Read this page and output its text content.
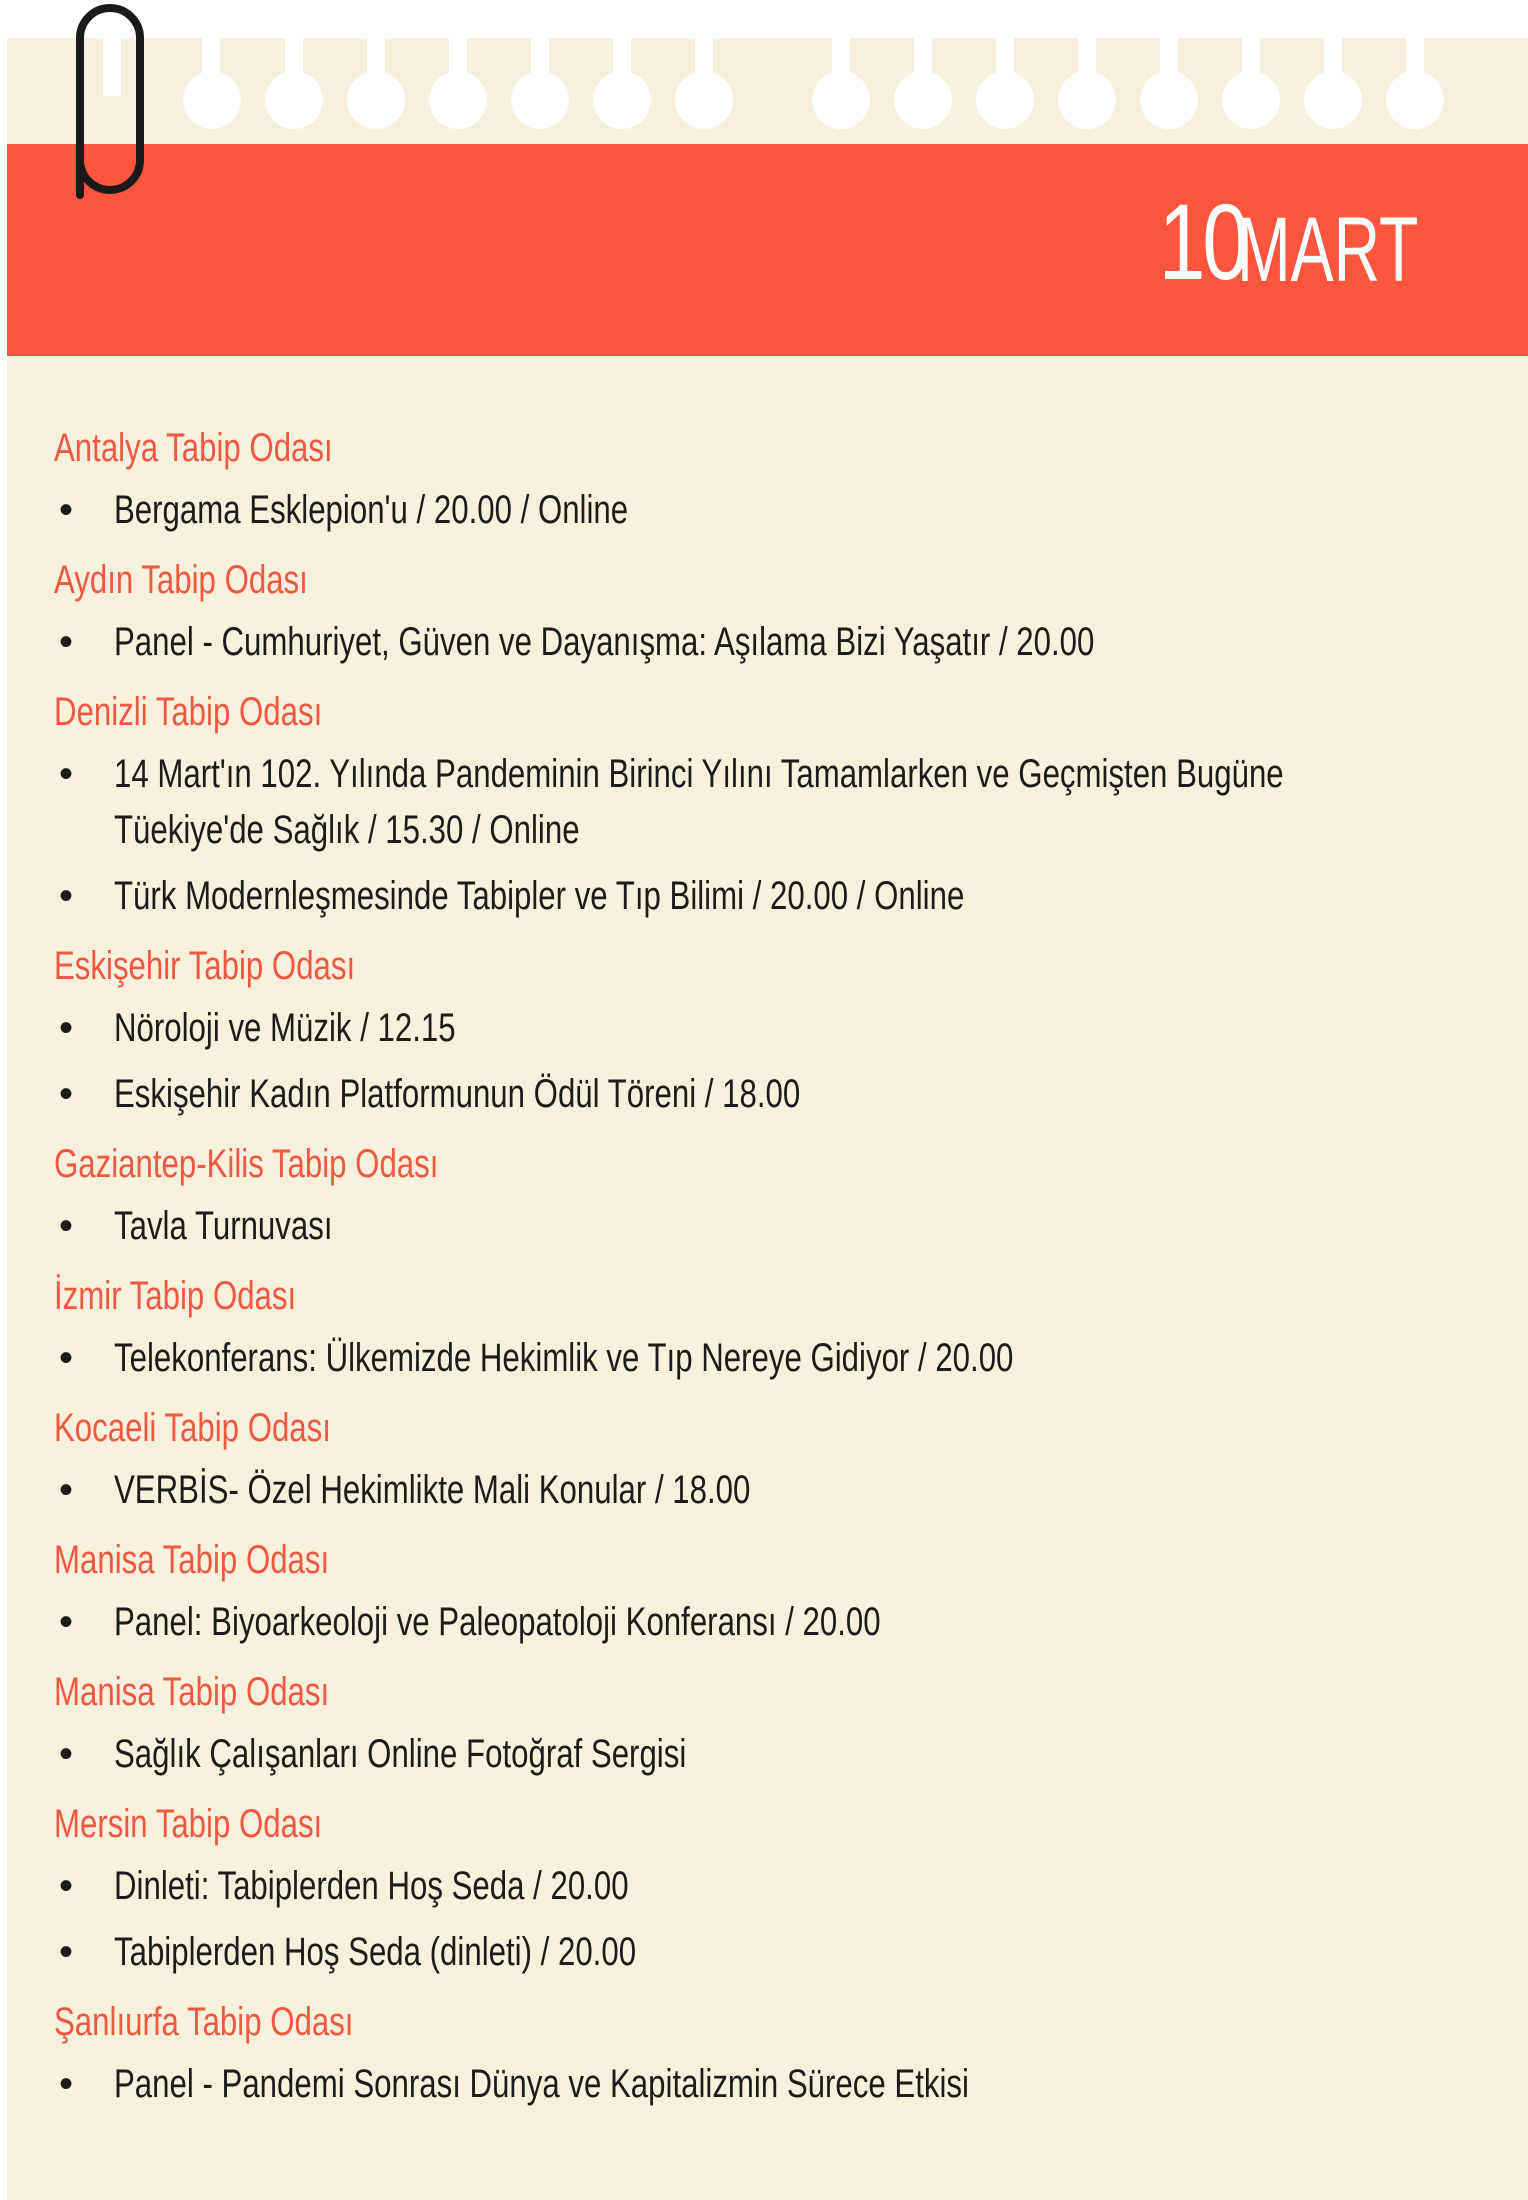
10 MART
Antalya Tabip Odası
• Bergama Esklepion'u / 20.00 / Online
Aydın Tabip Odası
• Panel - Cumhuriyet, Güven ve Dayanışma: Aşılama Bizi Yaşatır / 20.00
Denizli Tabip Odası
• 14 Mart'ın 102. Yılında Pandeminin Birinci Yılını Tamamlarken ve Geçmişten Bugüne
Tüekiye'de Sağlık / 15.30 / Online
• Türk Modernleşmesinde Tabipler ve Tıp Bilimi / 20.00 / Online
Eskişehir Tabip Odası
• Nöroloji ve Müzik / 12.15
• Eskişehir Kadın Platformunun Ödül Töreni / 18.00
Gaziantep-Kilis Tabip Odası
• Tavla Turnuvası
İzmir Tabip Odası
• Telekonferans: Ülkemizde Hekimlik ve Tıp Nereye Gidiyor / 20.00
Kocaeli Tabip Odası
• VERBİS- Özel Hekimlikte Mali Konular / 18.00
Manisa Tabip Odası
• Panel: Biyoarkeoloji ve Paleopatoloji Konferansı / 20.00
Manisa Tabip Odası
• Sağlık Çalışanları Online Fotoğraf Sergisi
Mersin Tabip Odası
• Dinleti: Tabiplerden Hoş Seda / 20.00
• Tabiplerden Hoş Seda (dinleti) / 20.00
Şanlıurfa Tabip Odası
• Panel - Pandemi Sonrası Dünya ve Kapitalizmin Sürece Etkisi
